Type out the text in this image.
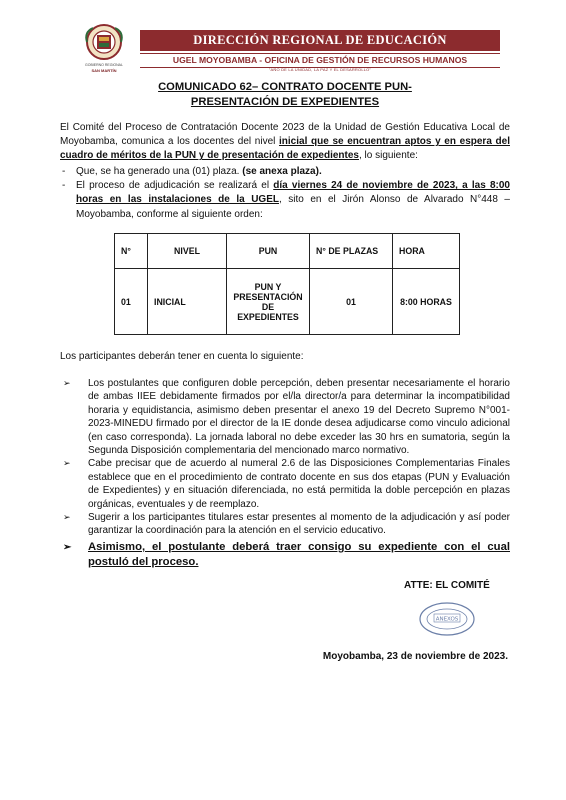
GOBIERNO REGIONAL
SAN MARTÍN
DIRECCIÓN REGIONAL DE EDUCACIÓN
UGEL MOYOBAMBA - OFICINA DE GESTIÓN DE RECURSOS HUMANOS
"AÑO DE LA UNIDAD, LA PAZ Y EL DESARROLLO"
COMUNICADO 62– CONTRATO DOCENTE PUN-
PRESENTACIÓN DE EXPEDIENTES
El Comité del Proceso de Contratación Docente 2023 de la Unidad de Gestión Educativa Local de Moyobamba, comunica a los docentes del nivel inicial que se encuentran aptos y en espera del cuadro de méritos de la PUN y de presentación de expedientes, lo siguiente:
- Que, se ha generado una (01) plaza. (se anexa plaza).
- El proceso de adjudicación se realizará el día viernes 24 de noviembre de 2023, a las 8:00 horas en las instalaciones de la UGEL, sito en el Jirón Alonso de Alvarado N°448 – Moyobamba, conforme al siguiente orden:
N°	NIVEL	PUN	N° DE PLAZAS	HORA
01	INICIAL	PUN Y PRESENTACIÓN DE EXPEDIENTES	01	8:00 HORAS
Los participantes deberán tener en cuenta lo siguiente:
➢ Los postulantes que configuren doble percepción, deben presentar necesariamente el horario de ambas IIEE debidamente firmados por el/la director/a para determinar la incompatibilidad horaria y equidistancia, asimismo deben presentar el anexo 19 del Decreto Supremo N°001-2023-MINEDU firmado por el director de la IE donde desea adjudicarse como vinculo adicional (en caso corresponda). La jornada laboral no debe exceder las 30 hrs en sumatoria, según la Segunda Disposición complementaria del mencionado marco normativo.
➢ Cabe precisar que de acuerdo al numeral 2.6 de las Disposiciones Complementarias Finales establece que en el procedimiento de contrato docente en sus dos etapas (PUN y Evaluación de Expedientes) y en situación diferenciada, no está permitida la doble percepción en plazas orgánicas, eventuales y de reemplazo.
➢ Sugerir a los participantes titulares estar presentes al momento de la adjudicación y así poder garantizar la coordinación para la atención en el servicio educativo.
➢ Asimismo, el postulante deberá traer consigo su expediente con el cual postuló del proceso.
ATTE: EL COMITÉ
ANEXOS
Moyobamba, 23 de noviembre de 2023.
